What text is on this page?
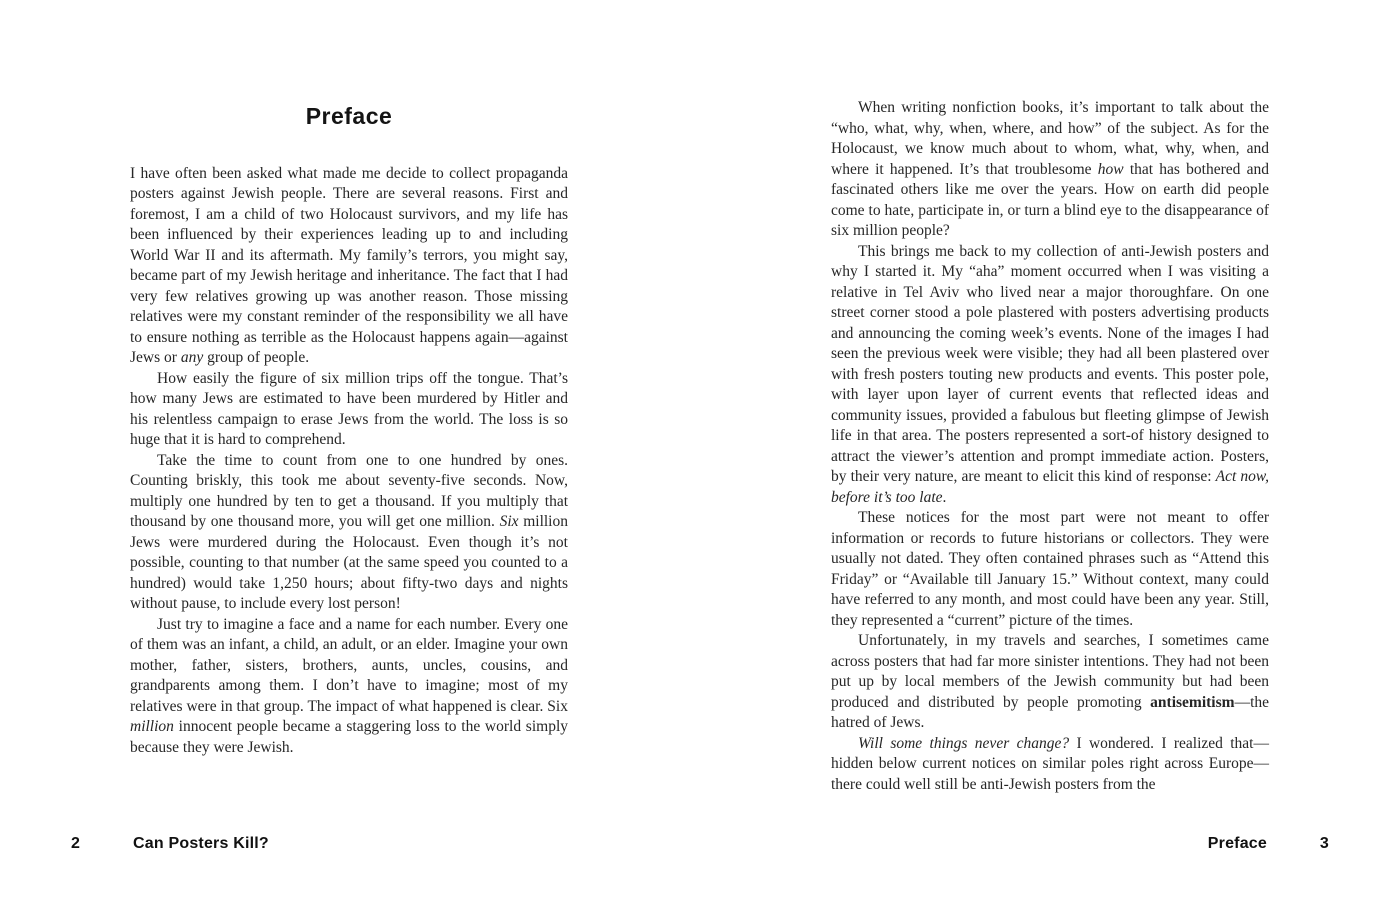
Preface

I have often been asked what made me decide to collect propaganda posters against Jewish people. There are several reasons. First and foremost, I am a child of two Holocaust survivors, and my life has been influenced by their experiences leading up to and including World War II and its aftermath. My family’s terrors, you might say, became part of my Jewish heritage and inheritance. The fact that I had very few relatives growing up was another reason. Those missing relatives were my constant reminder of the responsibility we all have to ensure nothing as terrible as the Holocaust happens again—against Jews or any group of people.

How easily the figure of six million trips off the tongue. That’s how many Jews are estimated to have been murdered by Hitler and his relentless campaign to erase Jews from the world. The loss is so huge that it is hard to comprehend.

Take the time to count from one to one hundred by ones. Counting briskly, this took me about seventy-five seconds. Now, multiply one hundred by ten to get a thousand. If you multiply that thousand by one thousand more, you will get one million. Six million Jews were murdered during the Holocaust. Even though it’s not possible, counting to that number (at the same speed you counted to a hundred) would take 1,250 hours; about fifty-two days and nights without pause, to include every lost person!

Just try to imagine a face and a name for each number. Every one of them was an infant, a child, an adult, or an elder. Imagine your own mother, father, sisters, brothers, aunts, uncles, cousins, and grandparents among them. I don’t have to imagine; most of my relatives were in that group. The impact of what happened is clear. Six million innocent people became a staggering loss to the world simply because they were Jewish.

When writing nonfiction books, it’s important to talk about the “who, what, why, when, where, and how” of the subject. As for the Holocaust, we know much about to whom, what, why, when, and where it happened. It’s that troublesome how that has bothered and fascinated others like me over the years. How on earth did people come to hate, participate in, or turn a blind eye to the disappearance of six million people?

This brings me back to my collection of anti-Jewish posters and why I started it. My “aha” moment occurred when I was visiting a relative in Tel Aviv who lived near a major thoroughfare. On one street corner stood a pole plastered with posters advertising products and announcing the coming week’s events. None of the images I had seen the previous week were visible; they had all been plastered over with fresh posters touting new products and events. This poster pole, with layer upon layer of current events that reflected ideas and community issues, provided a fabulous but fleeting glimpse of Jewish life in that area. The posters represented a sort-of history designed to attract the viewer’s attention and prompt immediate action. Posters, by their very nature, are meant to elicit this kind of response: Act now, before it’s too late.

These notices for the most part were not meant to offer information or records to future historians or collectors. They were usually not dated. They often contained phrases such as “Attend this Friday” or “Available till January 15.” Without context, many could have referred to any month, and most could have been any year. Still, they represented a “current” picture of the times.

Unfortunately, in my travels and searches, I sometimes came across posters that had far more sinister intentions. They had not been put up by local members of the Jewish community but had been produced and distributed by people promoting antisemitism—the hatred of Jews.

Will some things never change? I wondered. I realized that—hidden below current notices on similar poles right across Europe—there could well still be anti-Jewish posters from the

2	Can Posters Kill?	Preface	3
